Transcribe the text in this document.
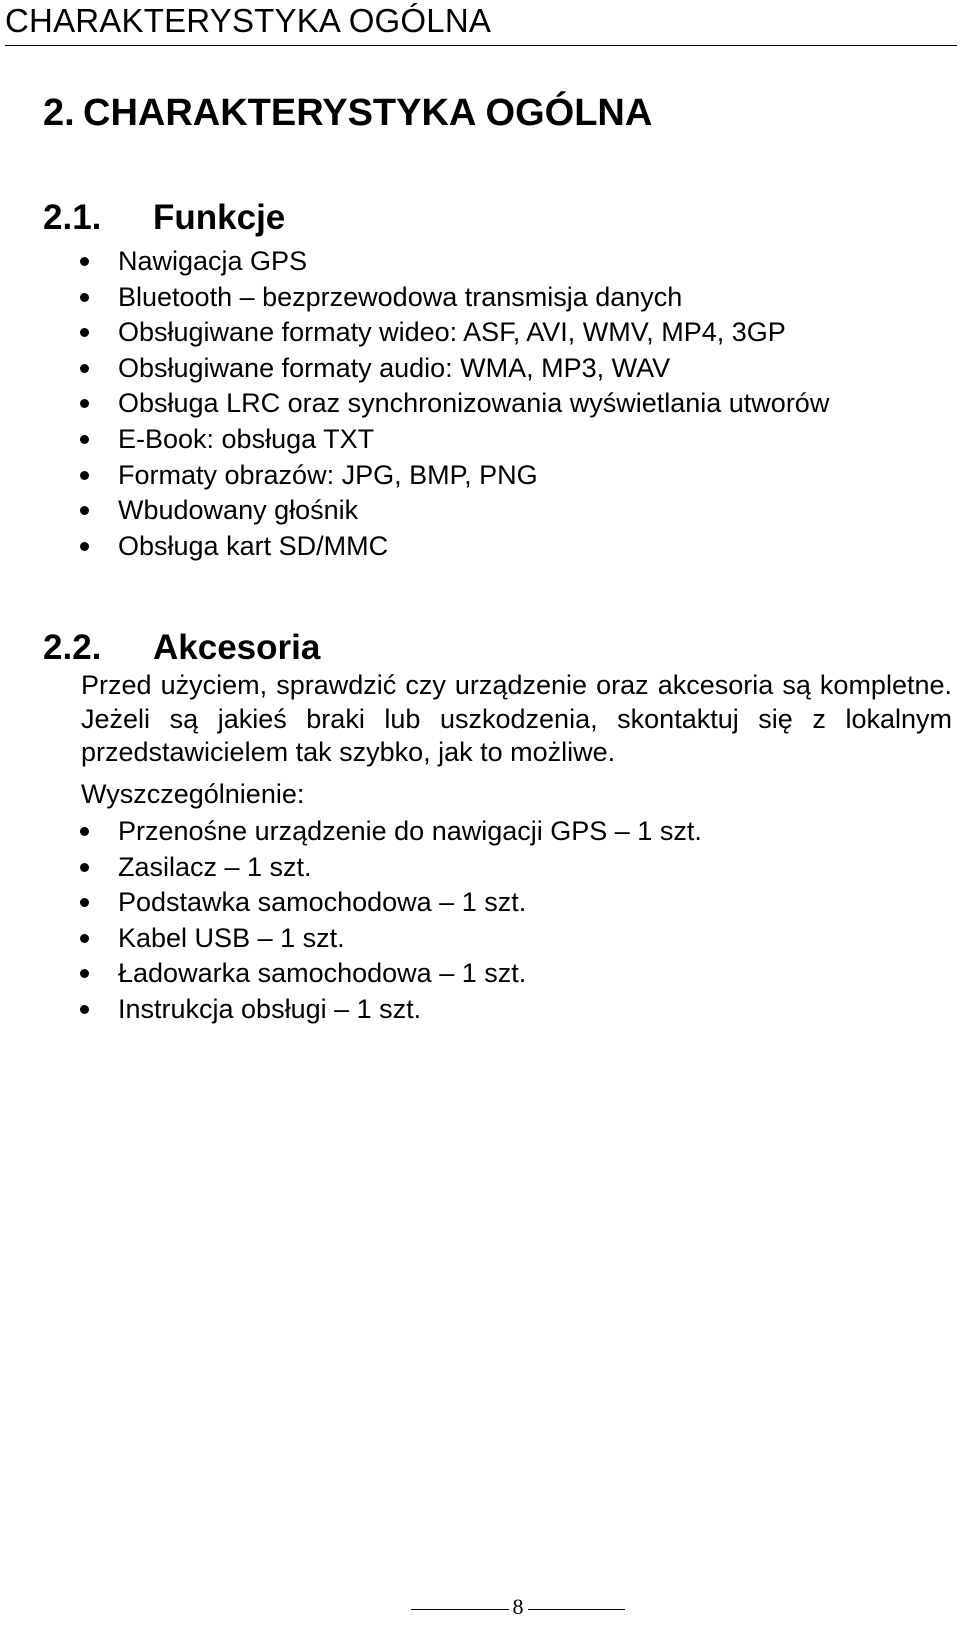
CHARAKTERYSTYKA OGÓLNA
2. CHARAKTERYSTYKA OGÓLNA
2.1. Funkcje
Nawigacja GPS
Bluetooth – bezprzewodowa transmisja danych
Obsługiwane formaty wideo: ASF, AVI, WMV, MP4, 3GP
Obsługiwane formaty audio: WMA, MP3, WAV
Obsługa LRC oraz synchronizowania wyświetlania utworów
E-Book: obsługa TXT
Formaty obrazów: JPG, BMP, PNG
Wbudowany głośnik
Obsługa kart SD/MMC
2.2. Akcesoria

Przed użyciem, sprawdzić czy urządzenie oraz akcesoria są kompletne. Jeżeli są jakieś braki lub uszkodzenia, skontaktuj się z lokalnym przedstawicielem tak szybko, jak to możliwe.

Wyszczególnienie:

Przenośne urządzenie do nawigacji GPS – 1 szt.
Zasilacz – 1 szt.
Podstawka samochodowa – 1 szt.
Kabel USB – 1 szt.
Ładowarka samochodowa – 1 szt.
Instrukcja obsługi – 1 szt.
8
